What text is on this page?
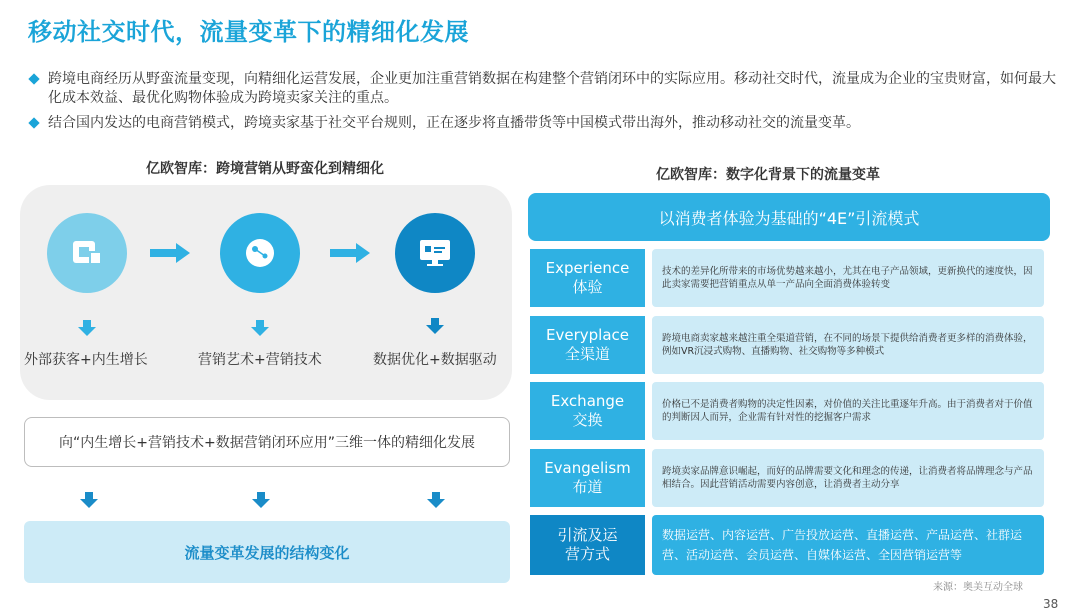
移动社交时代，流量变革下的精细化发展
跨境电商经历从野蛮流量变现，向精细化运营发展，企业更加注重营销数据在构建整个营销闭环中的实际应用。移动社交时代，流量成为企业的宝贵财富，如何最大化成本效益、最优化购物体验成为跨境卖家关注的重点。
结合国内发达的电商营销模式，跨境卖家基于社交平台规则，正在逐步将直播带货等中国模式带出海外，推动移动社交的流量变革。
亿欧智库：跨境营销从野蛮化到精细化
外部获客+内生增长	营销艺术+营销技术	数据优化+数据驱动
向“内生增长+营销技术+数据营销闭环应用”三维一体的精细化发展
流量变革发展的结构变化
亿欧智库：数字化背景下的流量变革
以消费者体验为基础的“4E”引流模式
Experience
体验
技术的差异化所带来的市场优势越来越小，尤其在电子产品领域，更新换代的速度快，因此卖家需要把营销重点从单一产品向全面消费体验转变
Everyplace
全渠道
跨境电商卖家越来越注重全渠道营销，在不同的场景下提供给消费者更多样的消费体验，例如VR沉浸式购物、直播购物、社交购物等多种模式
Exchange
交换
价格已不是消费者购物的决定性因素，对价值的关注比重逐年升高。由于消费者对于价值的判断因人而异，企业需有针对性的挖掘客户需求
Evangelism
布道
跨境卖家品牌意识崛起，而好的品牌需要文化和理念的传递，让消费者将品牌理念与产品相结合。因此营销活动需要内容创意，让消费者主动分享
引流及运
营方式
数据运营、内容运营、广告投放运营、直播运营、产品运营、社群运营、活动运营、会员运营、自媒体运营、全因营销运营等
来源：奥美互动全球
38
